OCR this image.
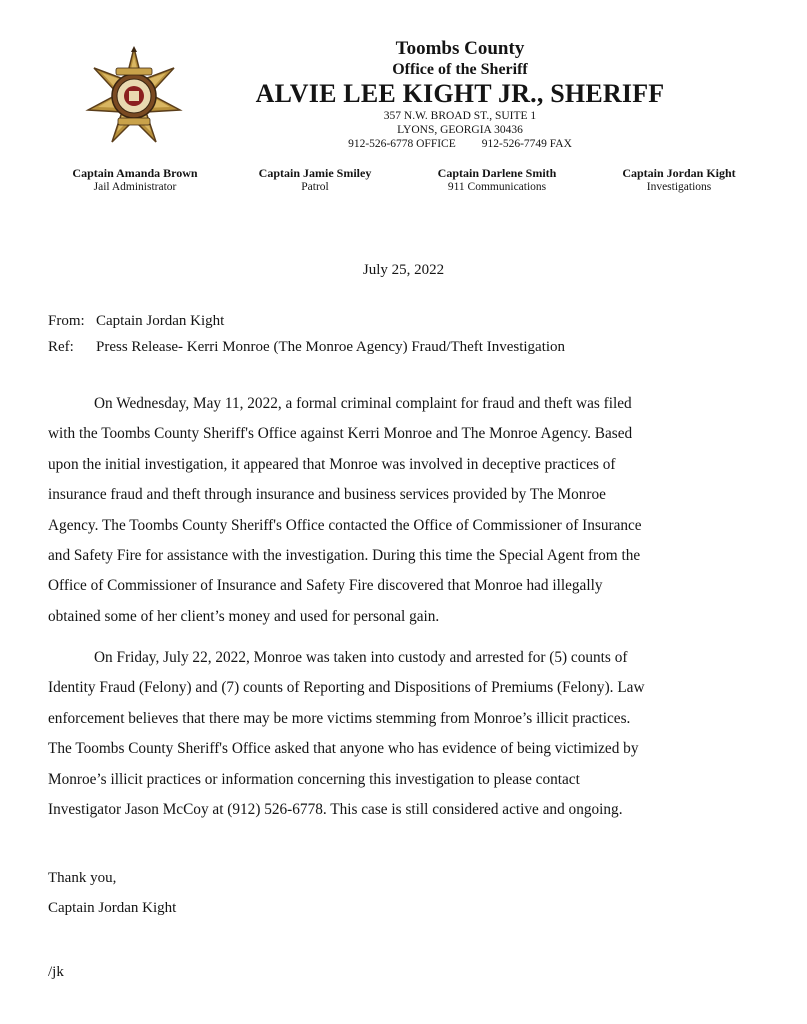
Toombs County
Office of the Sheriff
ALVIE LEE KIGHT JR., SHERIFF
357 N.W. BROAD ST., SUITE 1
LYONS, GEORGIA 30436
912-526-6778 OFFICE 912-526-7749 FAX
Captain Amanda Brown
Jail Administrator
Captain Jamie Smiley
Patrol
Captain Darlene Smith
911 Communications
Captain Jordan Kight
Investigations
July 25, 2022
From: Captain Jordan Kight
Ref: Press Release- Kerri Monroe (The Monroe Agency) Fraud/Theft Investigation
On Wednesday, May 11, 2022, a formal criminal complaint for fraud and theft was filed
with the Toombs County Sheriff's Office against Kerri Monroe and The Monroe Agency. Based
upon the initial investigation, it appeared that Monroe was involved in deceptive practices of
insurance fraud and theft through insurance and business services provided by The Monroe
Agency. The Toombs County Sheriff's Office contacted the Office of Commissioner of Insurance
and Safety Fire for assistance with the investigation. During this time the Special Agent from the
Office of Commissioner of Insurance and Safety Fire discovered that Monroe had illegally
obtained some of her client’s money and used for personal gain.
On Friday, July 22, 2022, Monroe was taken into custody and arrested for (5) counts of
Identity Fraud (Felony) and (7) counts of Reporting and Dispositions of Premiums (Felony). Law
enforcement believes that there may be more victims stemming from Monroe’s illicit practices.
The Toombs County Sheriff's Office asked that anyone who has evidence of being victimized by
Monroe’s illicit practices or information concerning this investigation to please contact
Investigator Jason McCoy at (912) 526-6778. This case is still considered active and ongoing.
Thank you,
Captain Jordan Kight
/jk
